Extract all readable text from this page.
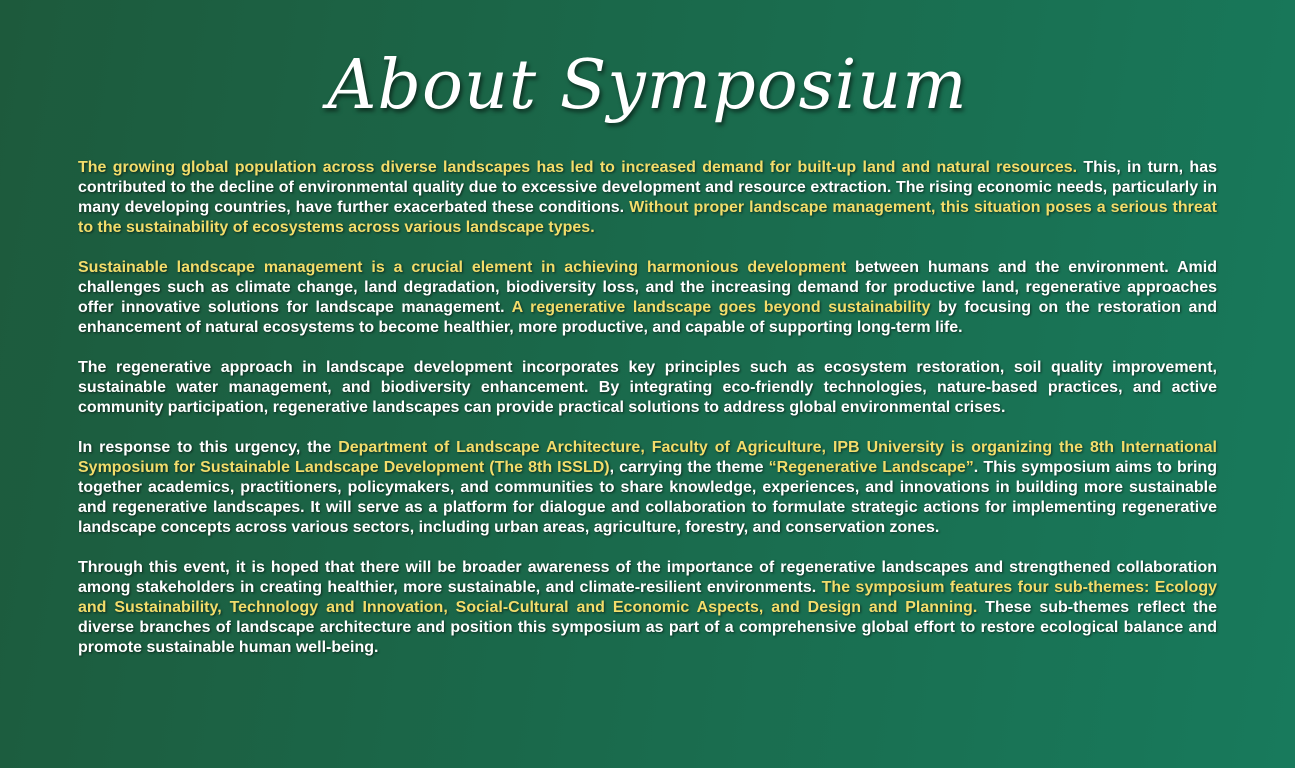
About Symposium

The growing global population across diverse landscapes has led to increased demand for built-up land and natural resources. This, in turn, has contributed to the decline of environmental quality due to excessive development and resource extraction. The rising economic needs, particularly in many developing countries, have further exacerbated these conditions. Without proper landscape management, this situation poses a serious threat to the sustainability of ecosystems across various landscape types.

Sustainable landscape management is a crucial element in achieving harmonious development between humans and the environment. Amid challenges such as climate change, land degradation, biodiversity loss, and the increasing demand for productive land, regenerative approaches offer innovative solutions for landscape management. A regenerative landscape goes beyond sustainability by focusing on the restoration and enhancement of natural ecosystems to become healthier, more productive, and capable of supporting long-term life.

The regenerative approach in landscape development incorporates key principles such as ecosystem restoration, soil quality improvement, sustainable water management, and biodiversity enhancement. By integrating eco-friendly technologies, nature-based practices, and active community participation, regenerative landscapes can provide practical solutions to address global environmental crises.

In response to this urgency, the Department of Landscape Architecture, Faculty of Agriculture, IPB University is organizing the 8th International Symposium for Sustainable Landscape Development (The 8th ISSLD), carrying the theme “Regenerative Landscape”. This symposium aims to bring together academics, practitioners, policymakers, and communities to share knowledge, experiences, and innovations in building more sustainable and regenerative landscapes. It will serve as a platform for dialogue and collaboration to formulate strategic actions for implementing regenerative landscape concepts across various sectors, including urban areas, agriculture, forestry, and conservation zones.

Through this event, it is hoped that there will be broader awareness of the importance of regenerative landscapes and strengthened collaboration among stakeholders in creating healthier, more sustainable, and climate-resilient environments. The symposium features four sub-themes: Ecology and Sustainability, Technology and Innovation, Social-Cultural and Economic Aspects, and Design and Planning. These sub-themes reflect the diverse branches of landscape architecture and position this symposium as part of a comprehensive global effort to restore ecological balance and promote sustainable human well-being.
